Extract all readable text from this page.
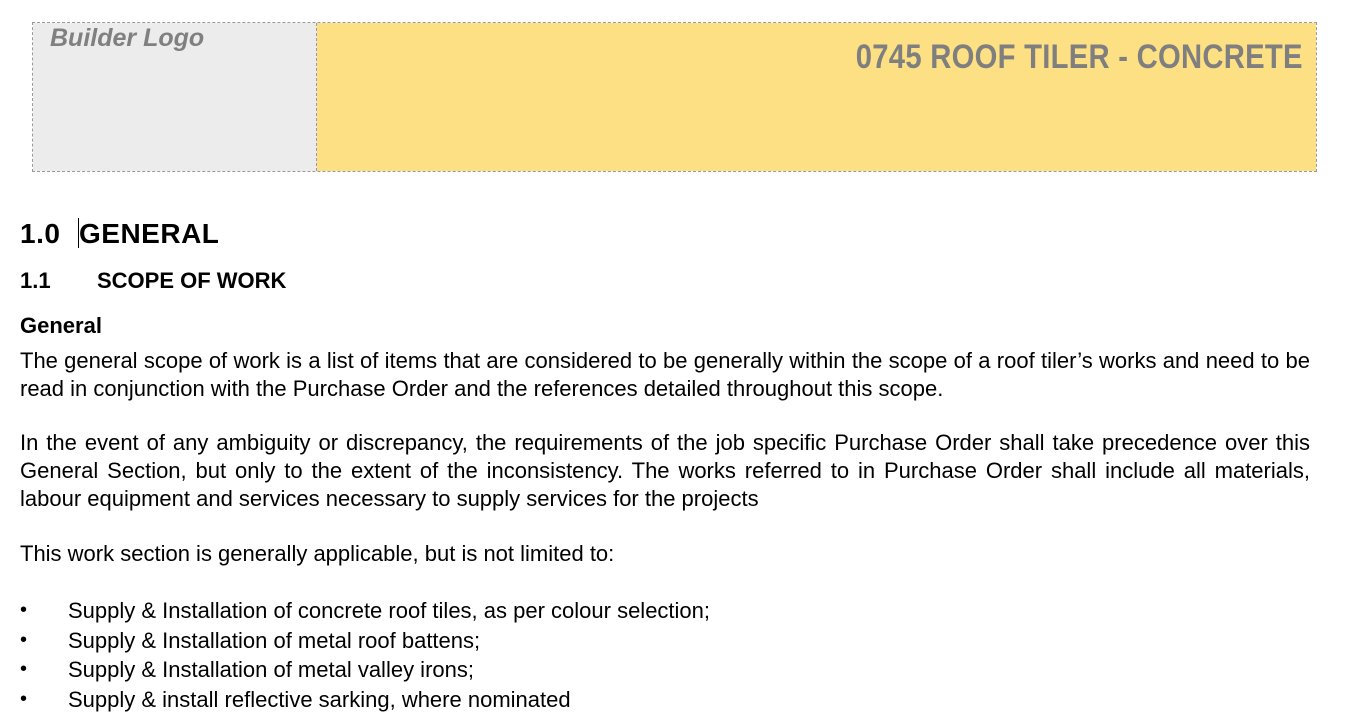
Builder Logo	0745 ROOF TILER - CONCRETE
1.0 GENERAL
1.1 SCOPE OF WORK
General
The general scope of work is a list of items that are considered to be generally within the scope of a roof tiler’s works and need to be read in conjunction with the Purchase Order and the references detailed throughout this scope.
In the event of any ambiguity or discrepancy, the requirements of the job specific Purchase Order shall take precedence over this General Section, but only to the extent of the inconsistency. The works referred to in Purchase Order shall include all materials, labour equipment and services necessary to supply services for the projects
This work section is generally applicable, but is not limited to:
• Supply & Installation of concrete roof tiles, as per colour selection;
• Supply & Installation of metal roof battens;
• Supply & Installation of metal valley irons;
• Supply & install reflective sarking, where nominated
